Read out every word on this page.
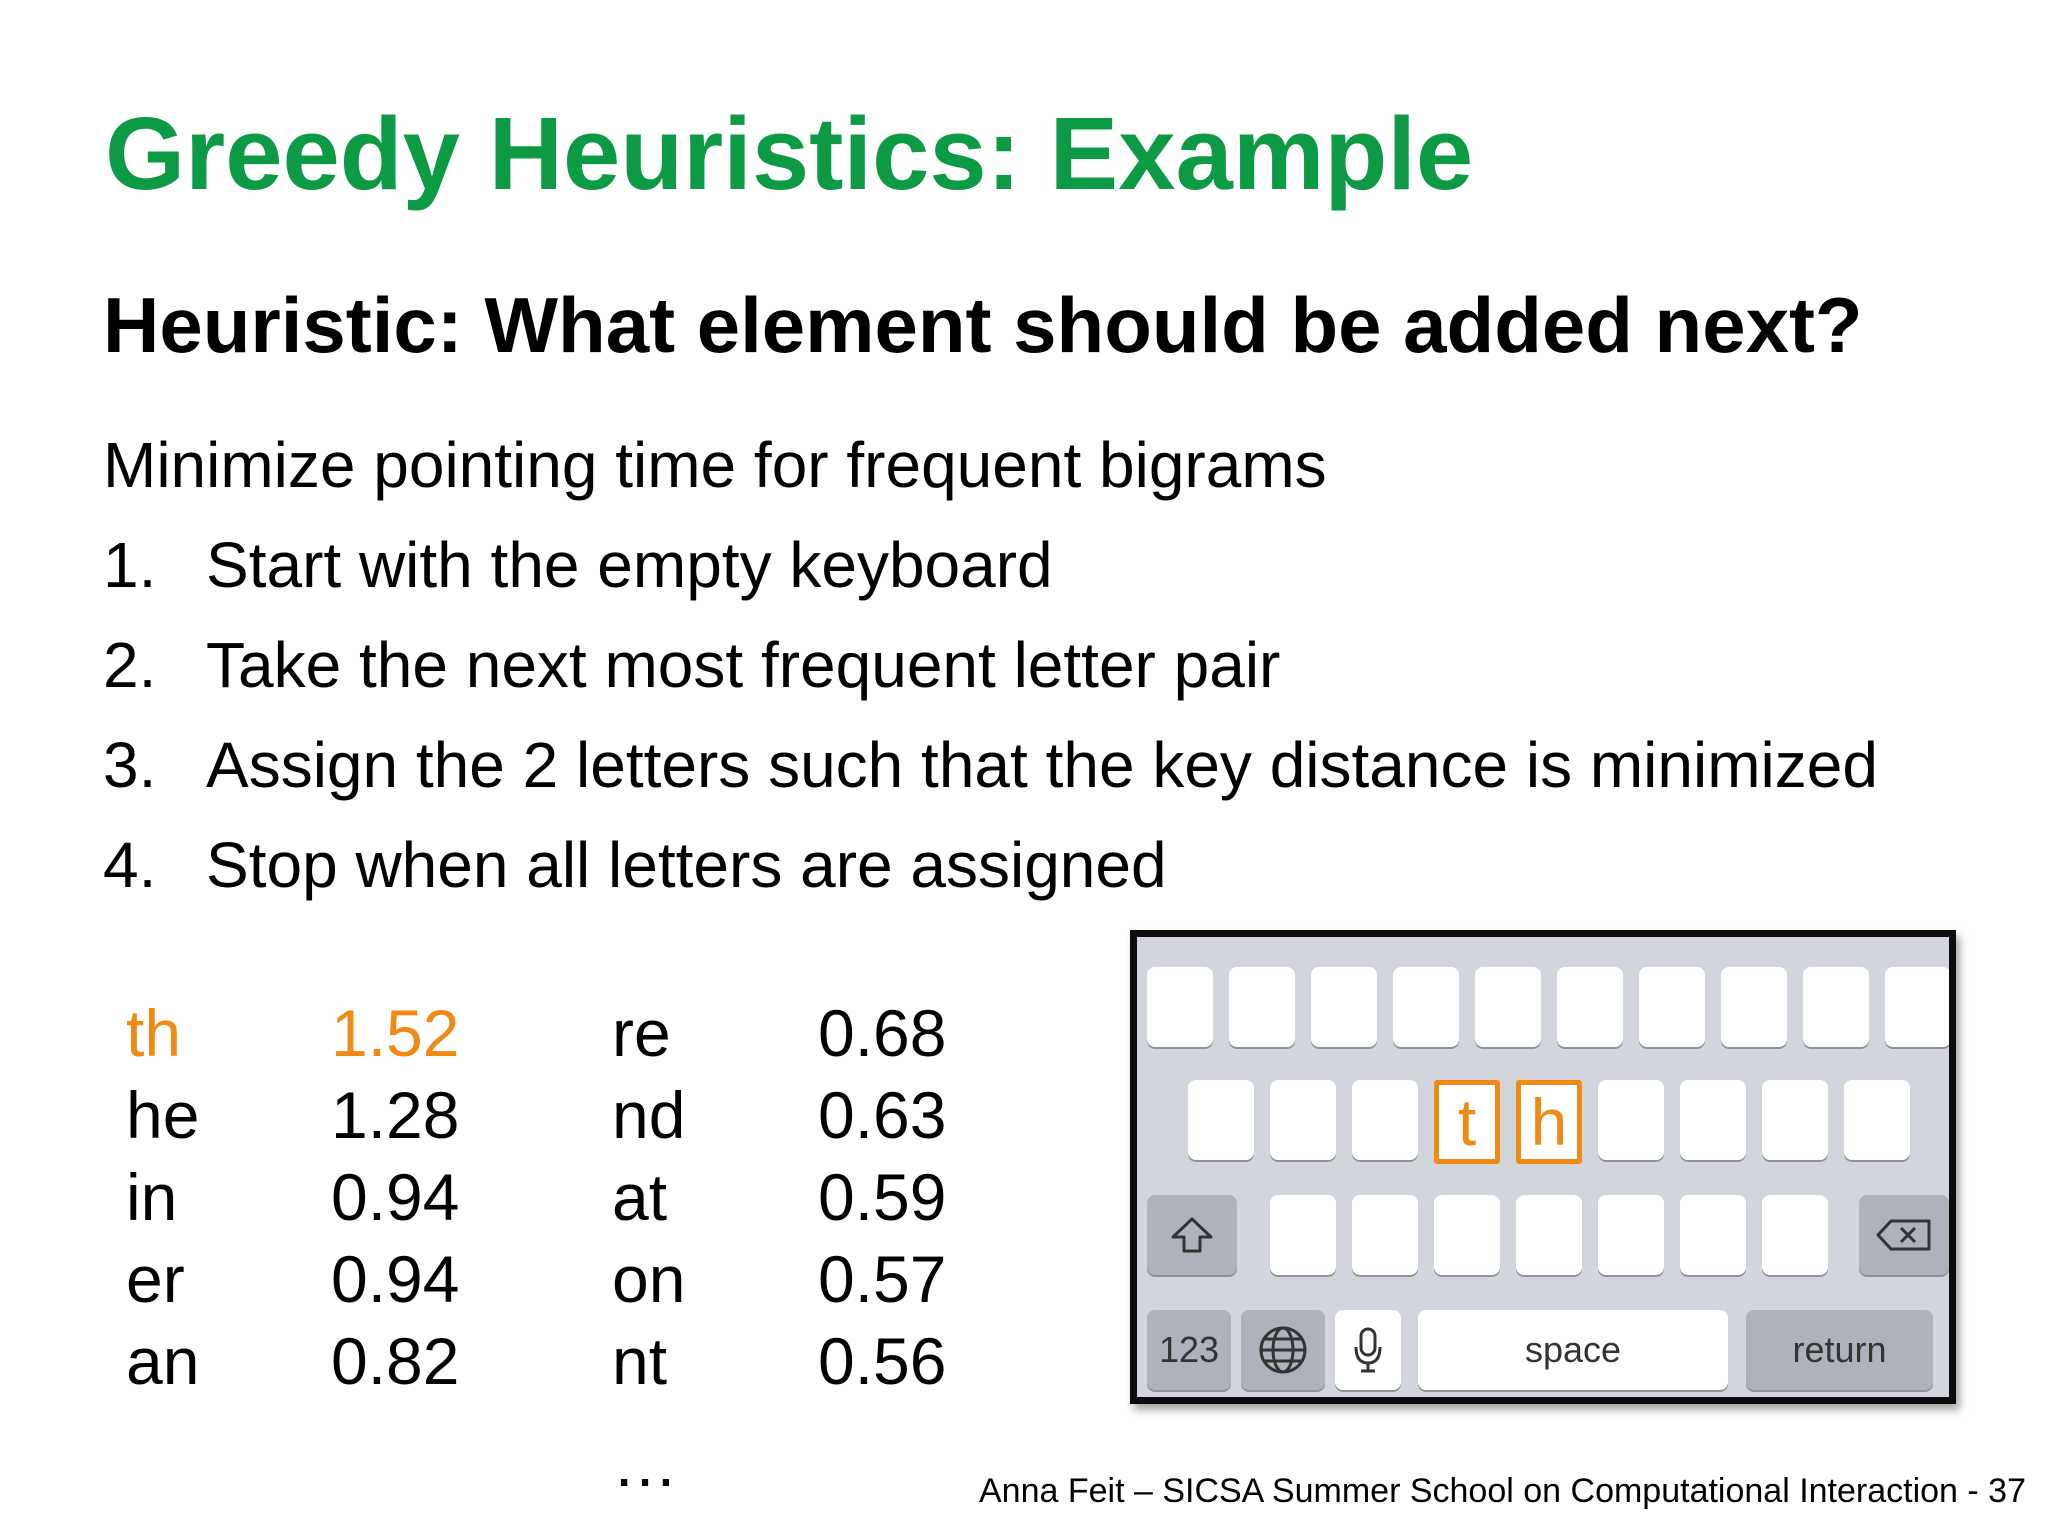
Greedy Heuristics: Example
Heuristic: What element should be added next?
Minimize pointing time for frequent bigrams
1. Start with the empty keyboard
2. Take the next most frequent letter pair
3. Assign the 2 letters such that the key distance is minimized
4. Stop when all letters are assigned
th 1.52 re 0.68
he 1.28 nd 0.63
in 0.94 at 0.59
er 0.94 on 0.57
an 0.82 nt 0.56
…
t h
123	space	return
Anna Feit – SICSA Summer School on Computational Interaction - 37
